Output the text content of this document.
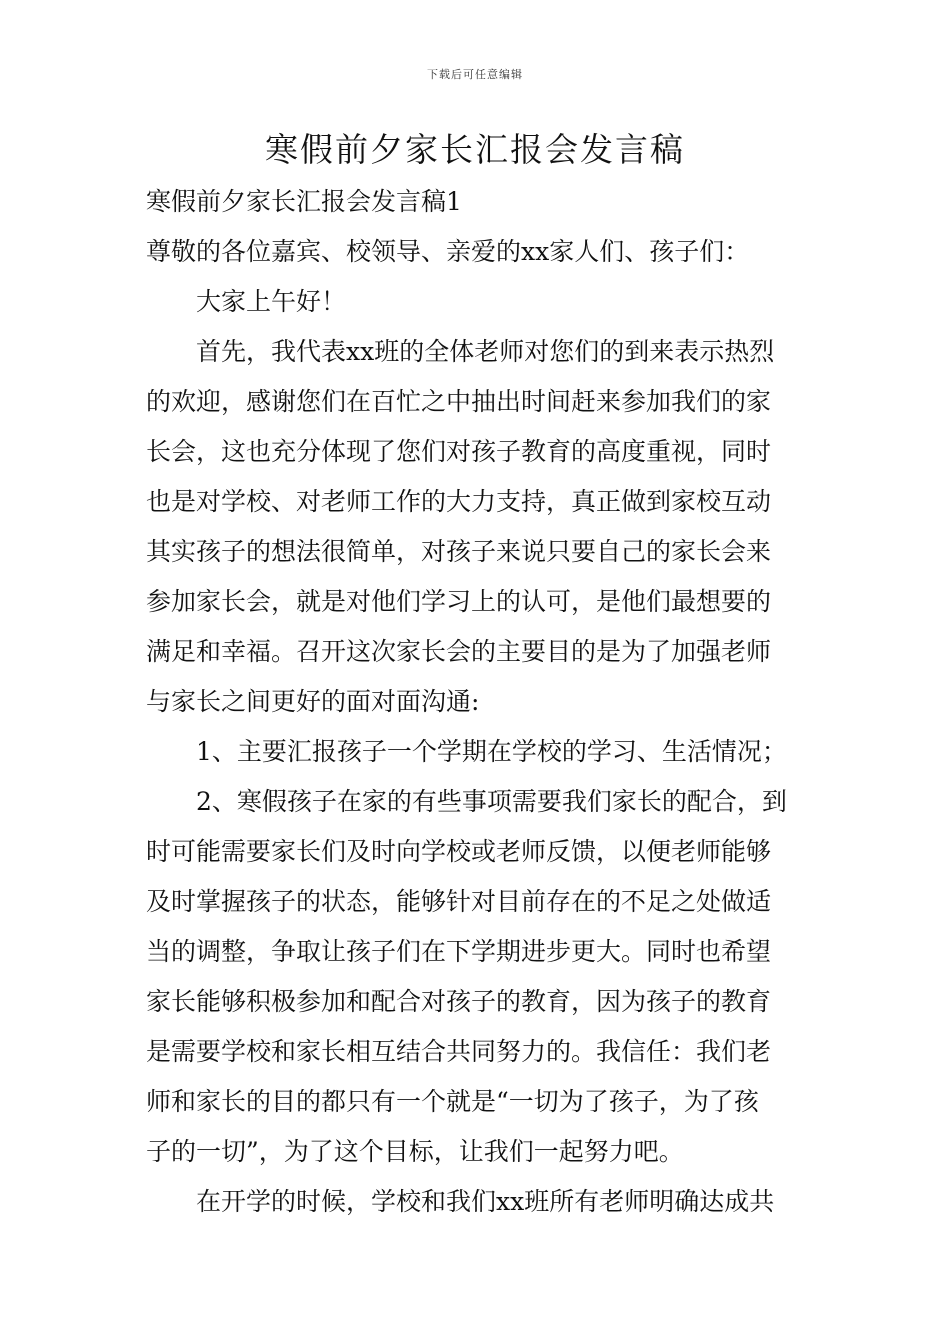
下载后可任意编辑
寒假前夕家长汇报会发言稿
寒假前夕家长汇报会发言稿1
尊敬的各位嘉宾、校领导、亲爱的xx家人们、孩子们：
大家上午好！
首先，我代表xx班的全体老师对您们的到来表示热烈
的欢迎，感谢您们在百忙之中抽出时间赶来参加我们的家
长会，这也充分体现了您们对孩子教育的高度重视，同时
也是对学校、对老师工作的大力支持，真正做到家校互动
其实孩子的想法很简单，对孩子来说只要自己的家长会来
参加家长会，就是对他们学习上的认可，是他们最想要的
满足和幸福。召开这次家长会的主要目的是为了加强老师
与家长之间更好的面对面沟通:
1、主要汇报孩子一个学期在学校的学习、生活情况；
2、寒假孩子在家的有些事项需要我们家长的配合，到
时可能需要家长们及时向学校或老师反馈，以便老师能够
及时掌握孩子的状态，能够针对目前存在的不足之处做适
当的调整，争取让孩子们在下学期进步更大。同时也希望
家长能够积极参加和配合对孩子的教育，因为孩子的教育
是需要学校和家长相互结合共同努力的。我信任：我们老
师和家长的目的都只有一个就是“一切为了孩子，为了孩
子的一切”，为了这个目标，让我们一起努力吧。
在开学的时候，学校和我们xx班所有老师明确达成共
